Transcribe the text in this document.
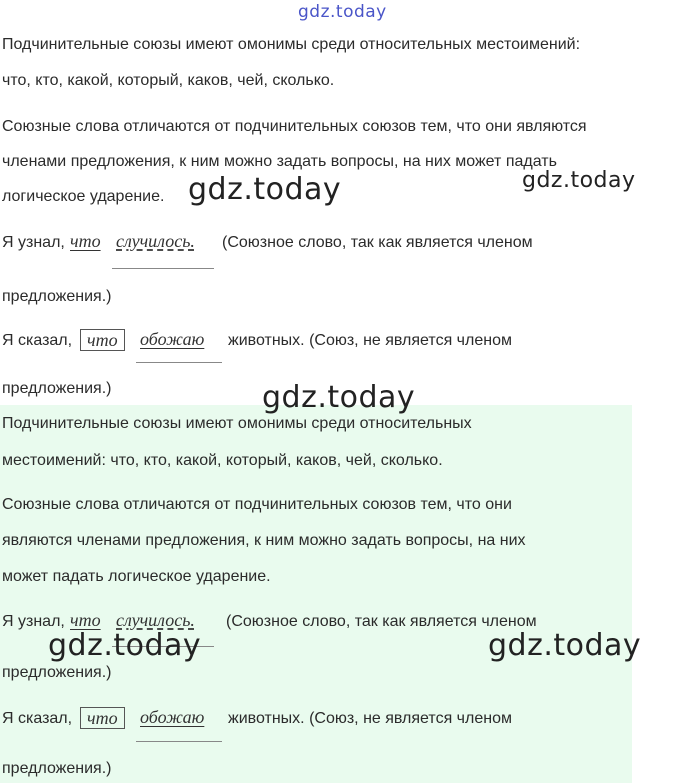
gdz.today
Подчинительные союзы имеют омонимы среди относительных местоимений:
что, кто, какой, который, каков, чей, сколько.
Союзные слова отличаются от подчинительных союзов тем, что они являются
членами предложения, к ним можно задать вопросы, на них может падать
логическое ударение. gdz.today	gdz.today
Я узнал, что случилось. (Союзное слово, так как является членом
предложения.)
Я сказал, что	обожаю животных. (Союз, не является членом
предложения.)	gdz.today
Подчинительные союзы имеют омонимы среди относительных
местоимений: что, кто, какой, который, каков, чей, сколько.
Союзные слова отличаются от подчинительных союзов тем, что они
являются членами предложения, к ним можно задать вопросы, на них
может падать логическое ударение.
Я узнал, что случилось. (Союзное слово, так как является членом
предложения.)
gdz.today	gdz.today
Я сказал, что	обожаю животных. (Союз, не является членом
предложения.)
